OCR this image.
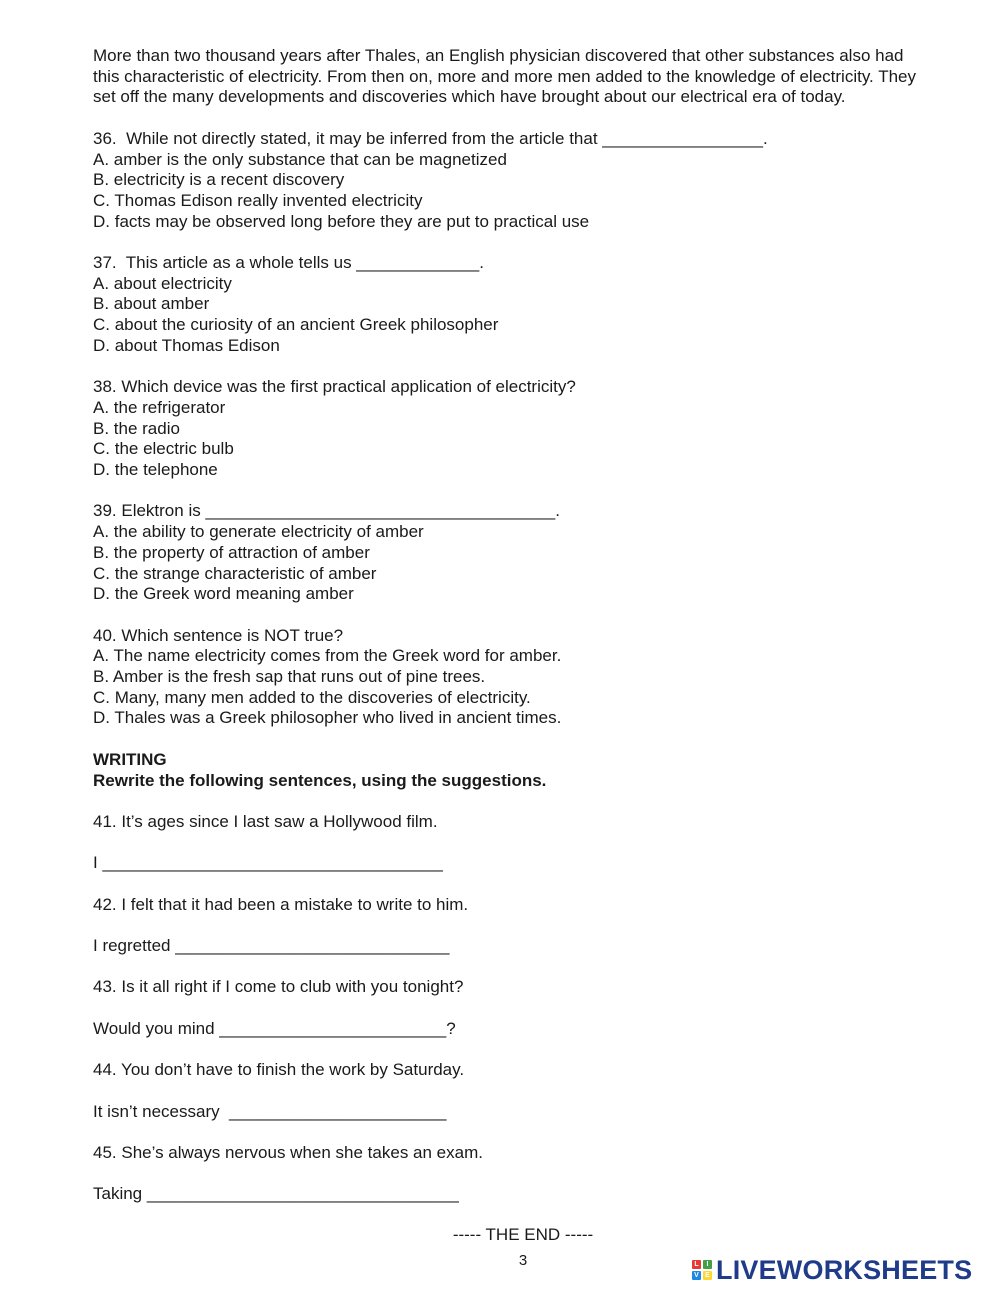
More than two thousand years after Thales, an English physician discovered that other substances also had
this characteristic of electricity. From then on, more and more men added to the knowledge of electricity. They
set off the many developments and discoveries which have brought about our electrical era of today.
36.  While not directly stated, it may be inferred from the article that _________________.
A. amber is the only substance that can be magnetized
B. electricity is a recent discovery
C. Thomas Edison really invented electricity
D. facts may be observed long before they are put to practical use
37.  This article as a whole tells us _____________.
A. about electricity
B. about amber
C. about the curiosity of an ancient Greek philosopher
D. about Thomas Edison
38. Which device was the first practical application of electricity?
A. the refrigerator
B. the radio
C. the electric bulb
D. the telephone
39. Elektron is _____________________________________.
A. the ability to generate electricity of amber
B. the property of attraction of amber
C. the strange characteristic of amber
D. the Greek word meaning amber
40. Which sentence is NOT true?
A. The name electricity comes from the Greek word for amber.
B. Amber is the fresh sap that runs out of pine trees.
C. Many, many men added to the discoveries of electricity.
D. Thales was a Greek philosopher who lived in ancient times.
WRITING
Rewrite the following sentences, using the suggestions.
41. It’s ages since I last saw a Hollywood film.
I ____________________________________
42. I felt that it had been a mistake to write to him.
I regretted _____________________________
43. Is it all right if I come to club with you tonight?
Would you mind ________________________?
44. You don’t have to finish the work by Saturday.
It isn’t necessary  _______________________
45. She’s always nervous when she takes an exam.
Taking _________________________________
----- THE END -----
3	L	I
V E LIVEWORKSHEETS
